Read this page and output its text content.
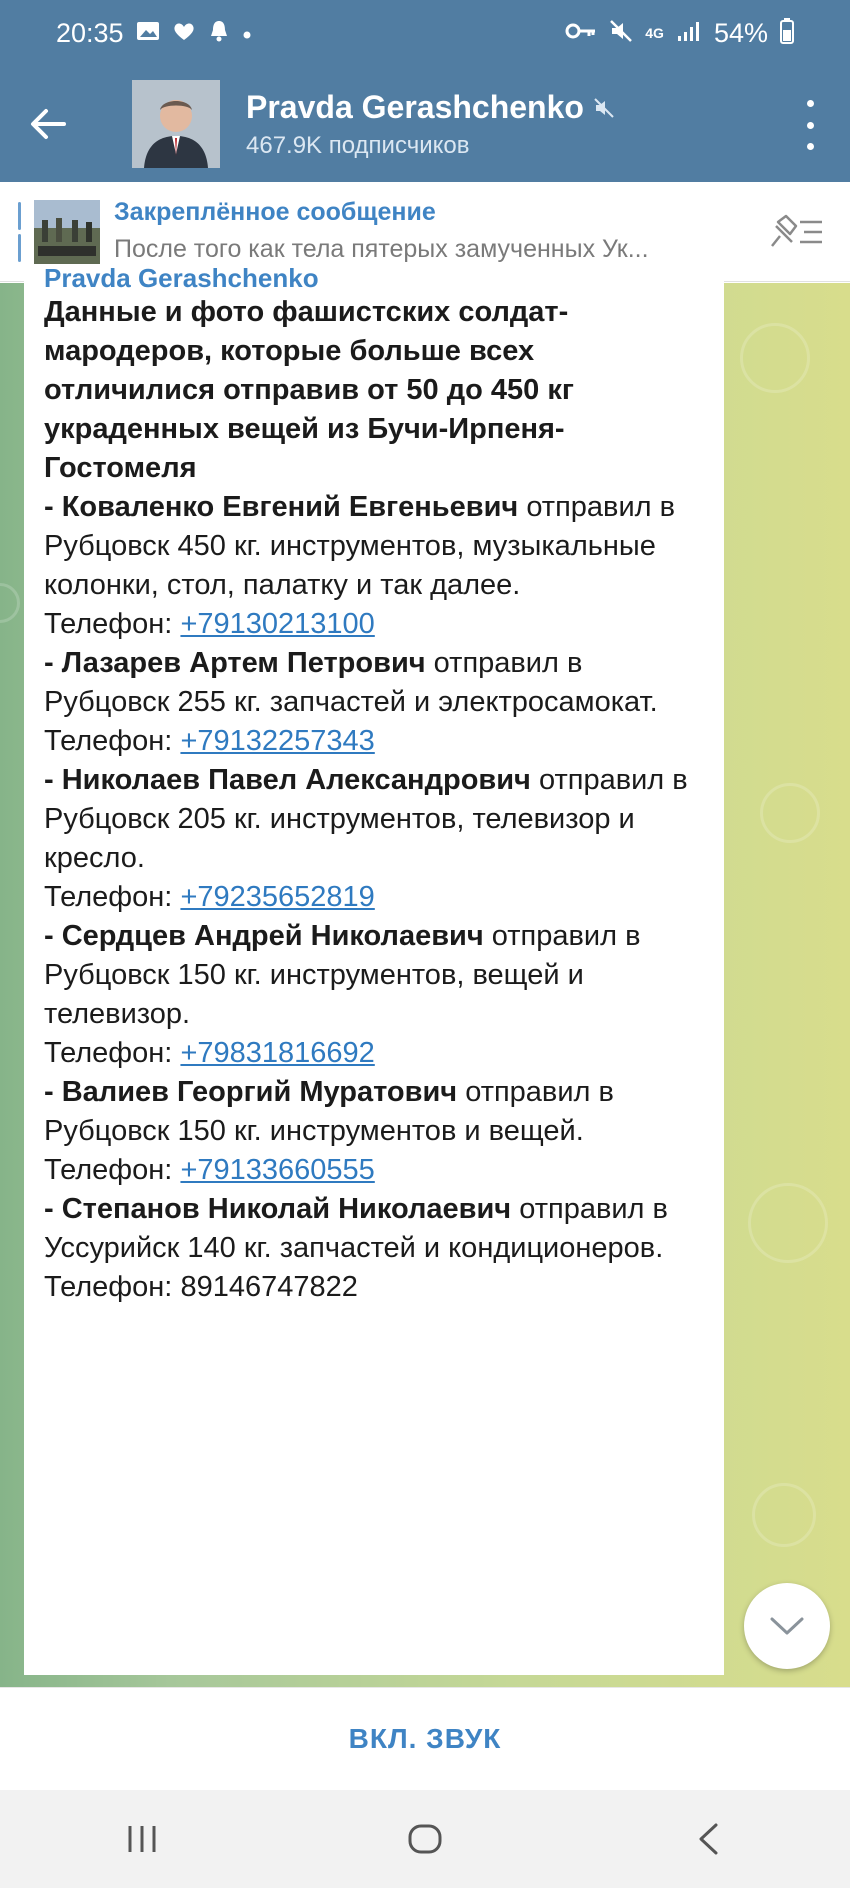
20:35	4G 54%
Pravda Gerashchenko
467.9K подписчиков
Закреплённое сообщение
После того как тела пятерых замученных Ук...
Pravda Gerashchenko

Данные и фото фашистских солдат-мародеров, которые больше всех отличилися отправив от 50 до 450 кг украденных вещей из Бучи-Ирпеня-Гостомеля

- Коваленко Евгений Евгеньевич отправил в Рубцовск 450 кг. инструментов, музыкальные колонки, стол, палатку и так далее.
Телефон: +79130213100

- Лазарев Артем Петрович отправил в Рубцовск 255 кг. запчастей и электросамокат.
Телефон: +79132257343

- Николаев Павел Александрович отправил в Рубцовск 205 кг. инструментов, телевизор и кресло.
Телефон: +79235652819

- Сердцев Андрей Николаевич отправил в Рубцовск 150 кг. инструментов, вещей и телевизор.
Телефон: +79831816692

- Валиев Георгий Муратович отправил в Рубцовск 150 кг. инструментов и вещей.
Телефон: +79133660555

- Степанов Николай Николаевич отправил в Уссурийск 140 кг. запчастей и кондиционеров.
Телефон: 89146747822

ВКЛ. ЗВУК
